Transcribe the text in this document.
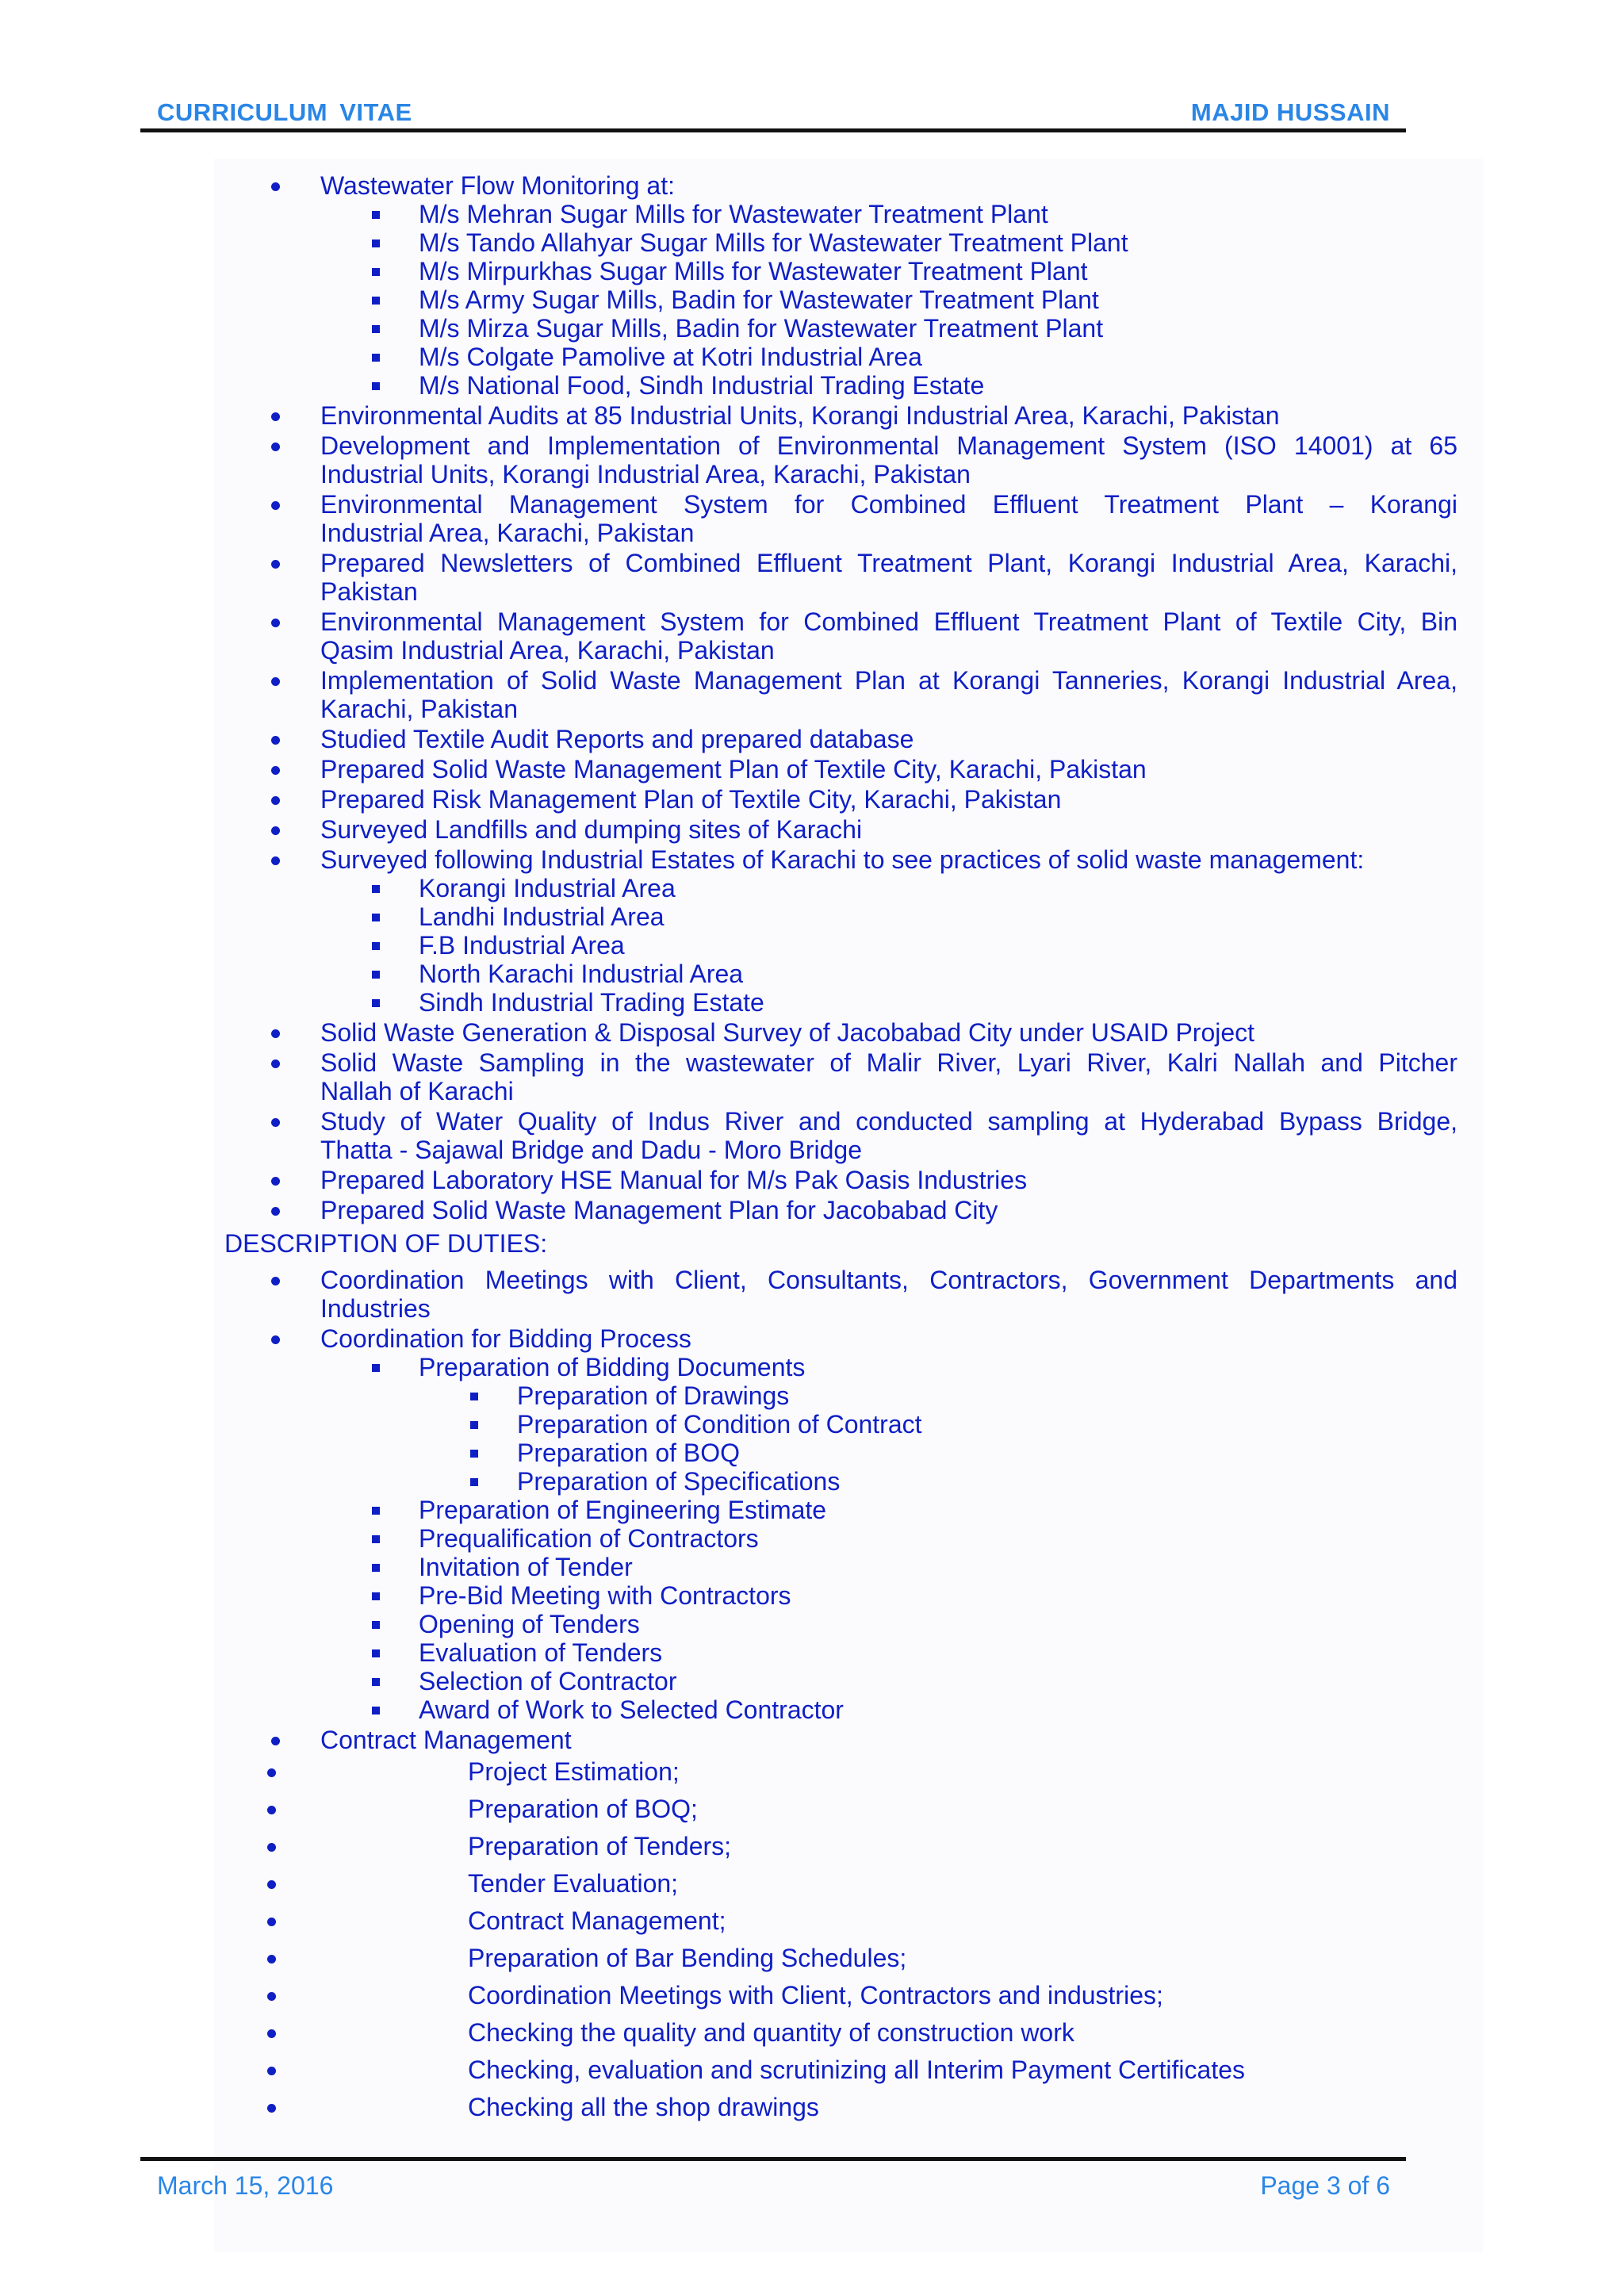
CURRICULUM VITAE	MAJID HUSSAIN
Wastewater Flow Monitoring at:
M/s Mehran Sugar Mills for Wastewater Treatment Plant
M/s Tando Allahyar Sugar Mills for Wastewater Treatment Plant
M/s Mirpurkhas Sugar Mills for Wastewater Treatment Plant
M/s Army Sugar Mills, Badin for Wastewater Treatment Plant
M/s Mirza Sugar Mills, Badin for Wastewater Treatment Plant
M/s Colgate Pamolive at Kotri Industrial Area
M/s National Food, Sindh Industrial Trading Estate
Environmental Audits at 85 Industrial Units, Korangi Industrial Area, Karachi, Pakistan
Development and Implementation of Environmental Management System (ISO 14001) at 65
Industrial Units, Korangi Industrial Area, Karachi, Pakistan
Environmental Management System for Combined Effluent Treatment Plant – Korangi
Industrial Area, Karachi, Pakistan
Prepared Newsletters of Combined Effluent Treatment Plant, Korangi Industrial Area, Karachi,
Pakistan
Environmental Management System for Combined Effluent Treatment Plant of Textile City, Bin
Qasim Industrial Area, Karachi, Pakistan
Implementation of Solid Waste Management Plan at Korangi Tanneries, Korangi Industrial Area,
Karachi, Pakistan
Studied Textile Audit Reports and prepared database
Prepared Solid Waste Management Plan of Textile City, Karachi, Pakistan
Prepared Risk Management Plan of Textile City, Karachi, Pakistan
Surveyed Landfills and dumping sites of Karachi
Surveyed following Industrial Estates of Karachi to see practices of solid waste management:
Korangi Industrial Area
Landhi Industrial Area
F.B Industrial Area
North Karachi Industrial Area
Sindh Industrial Trading Estate
Solid Waste Generation & Disposal Survey of Jacobabad City under USAID Project
Solid Waste Sampling in the wastewater of Malir River, Lyari River, Kalri Nallah and Pitcher
Nallah of Karachi
Study of Water Quality of Indus River and conducted sampling at Hyderabad Bypass Bridge,
Thatta - Sajawal Bridge and Dadu - Moro Bridge
Prepared Laboratory HSE Manual for M/s Pak Oasis Industries
Prepared Solid Waste Management Plan for Jacobabad City
DESCRIPTION OF DUTIES:
Coordination Meetings with Client, Consultants, Contractors, Government Departments and
Industries
Coordination for Bidding Process
Preparation of Bidding Documents
Preparation of Drawings
Preparation of Condition of Contract
Preparation of BOQ
Preparation of Specifications
Preparation of Engineering Estimate
Prequalification of Contractors
Invitation of Tender
Pre-Bid Meeting with Contractors
Opening of Tenders
Evaluation of Tenders
Selection of Contractor
Award of Work to Selected Contractor
Contract Management
Project Estimation;
Preparation of BOQ;
Preparation of Tenders;
Tender Evaluation;
Contract Management;
Preparation of Bar Bending Schedules;
Coordination Meetings with Client, Contractors and industries;
Checking the quality and quantity of construction work
Checking, evaluation and scrutinizing all Interim Payment Certificates
Checking all the shop drawings
March 15, 2016	Page 3 of 6
